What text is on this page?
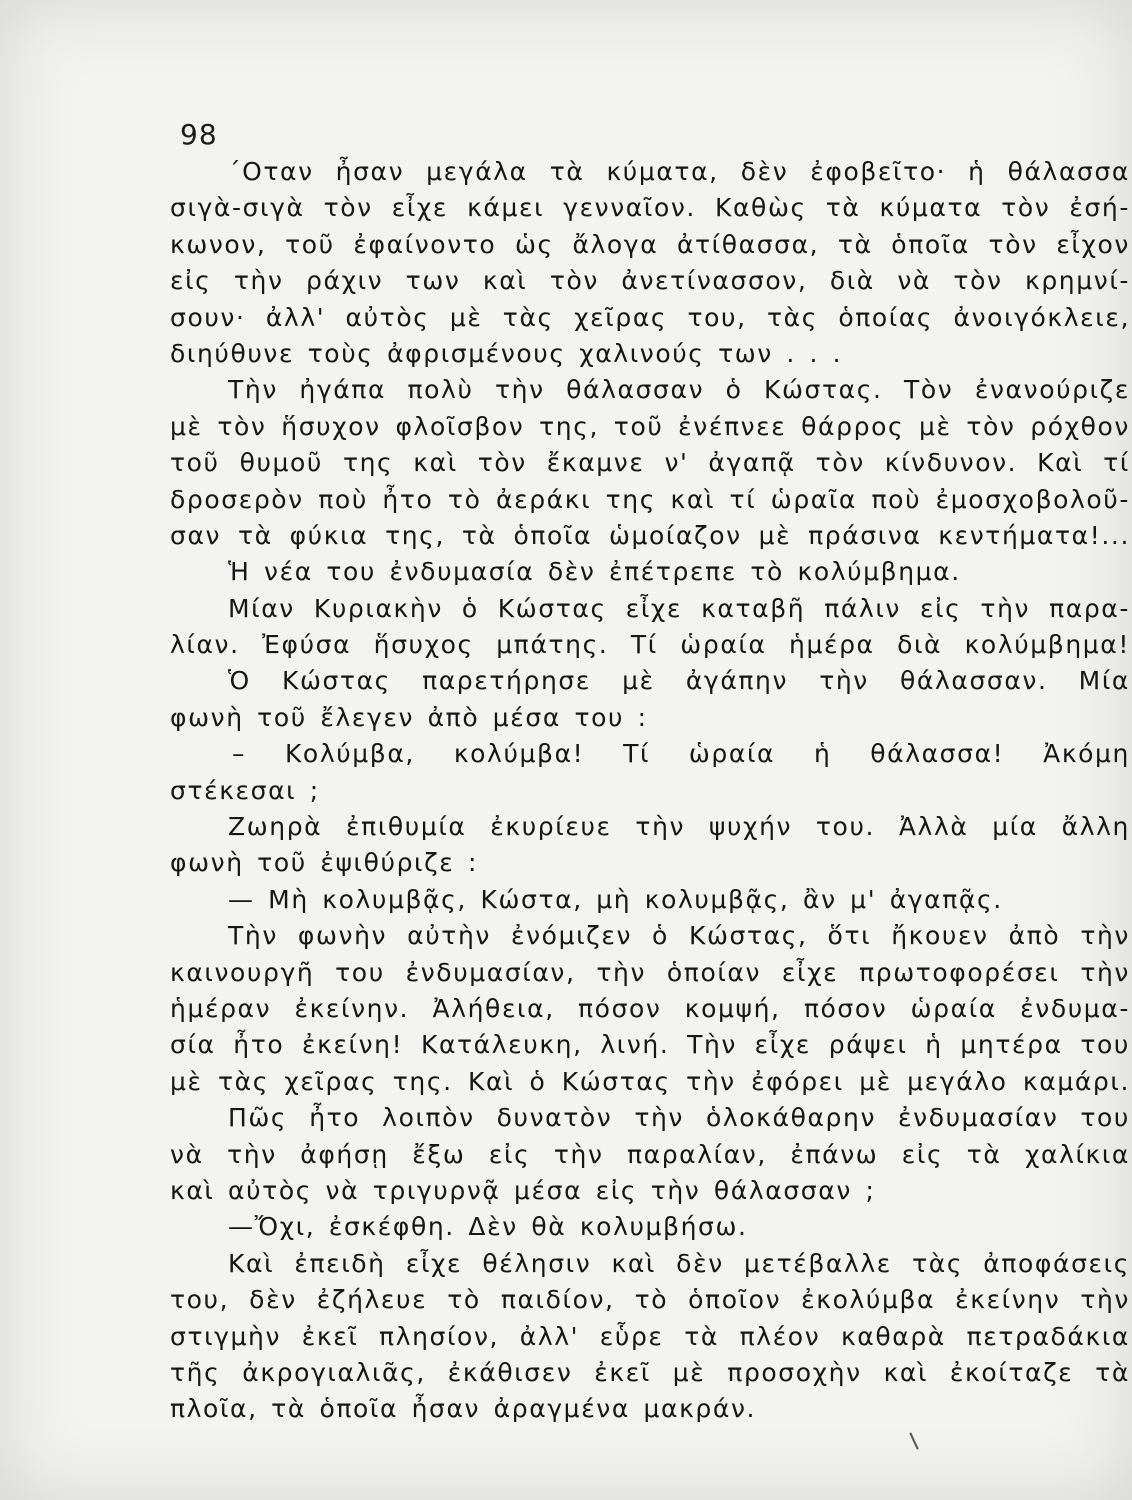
98
΄Οταν ἦσαν μεγάλα τὰ κύματα, δὲν ἐφοβεῖτο· ἡ θάλασσα
σιγὰ-σιγὰ τὸν εἶχε κάμει γενναῖον. Καθὼς τὰ κύματα τὸν ἐσή-
κωνον, τοῦ ἐφαίνοντο ὡς ἄλογα ἀτίθασσα, τὰ ὁποῖα τὸν εἶχον
εἰς τὴν ράχιν των καὶ τὸν ἀνετίνασσον, διὰ νὰ τὸν κρημνί-
σουν· ἀλλ' αὐτὸς μὲ τὰς χεῖρας του, τὰς ὁποίας ἀνοιγόκλειε,
διηύθυνε τοὺς ἀφρισμένους χαλινούς των . . .
Τὴν ἠγάπα πολὺ τὴν θάλασσαν ὁ Κώστας. Τὸν ἐνανούριζε
μὲ τὸν ἥσυχον φλοῖσβον της, τοῦ ἐνέπνεε θάρρος μὲ τὸν ρόχθον
τοῦ θυμοῦ της καὶ τὸν ἔκαμνε ν' ἀγαπᾷ τὸν κίνδυνον. Καὶ τί
δροσερὸν ποὺ ἦτο τὸ ἀεράκι της καὶ τί ὡραῖα ποὺ ἐμοσχοβολοῦ-
σαν τὰ φύκια της, τὰ ὁποῖα ὡμοίαζον μὲ πράσινα κεντήματα!...
Ἡ νέα του ἐνδυμασία δὲν ἐπέτρεπε τὸ κολύμβημα.
Μίαν Κυριακὴν ὁ Κώστας εἶχε καταβῆ πάλιν εἰς τὴν παρα-
λίαν. Ἐφύσα ἥσυχος μπάτης. Τί ὡραία ἡμέρα διὰ κολύμβημα!
Ὁ Κώστας παρετήρησε μὲ ἀγάπην τὴν θάλασσαν. Μία
φωνὴ τοῦ ἔλεγεν ἀπὸ μέσα του :
– Κολύμβα, κολύμβα! Τί ὡραία ἡ θάλασσα! Ἀκόμη
στέκεσαι ;
Ζωηρὰ ἐπιθυμία ἐκυρίευε τὴν ψυχήν του. Ἀλλὰ μία ἄλλη
φωνὴ τοῦ ἐψιθύριζε :
— Μὴ κολυμβᾷς, Κώστα, μὴ κολυμβᾷς, ἂν μ' ἀγαπᾷς.
Τὴν φωνὴν αὐτὴν ἐνόμιζεν ὁ Κώστας, ὅτι ἤκουεν ἀπὸ τὴν
καινουργῆ του ἐνδυμασίαν, τὴν ὁποίαν εἶχε πρωτοφορέσει τὴν
ἡμέραν ἐκείνην. Ἀλήθεια, πόσον κομψή, πόσον ὡραία ἐνδυμα-
σία ἦτο ἐκείνη! Κατάλευκη, λινή. Τὴν εἶχε ράψει ἡ μητέρα του
μὲ τὰς χεῖρας της. Καὶ ὁ Κώστας τὴν ἐφόρει μὲ μεγάλο καμάρι.
Πῶς ἦτο λοιπὸν δυνατὸν τὴν ὁλοκάθαρην ἐνδυμασίαν του
νὰ τὴν ἀφήσῃ ἔξω εἰς τὴν παραλίαν, ἐπάνω εἰς τὰ χαλίκια
καὶ αὐτὸς νὰ τριγυρνᾷ μέσα εἰς τὴν θάλασσαν ;
—Ὄχι, ἐσκέφθη. Δὲν θὰ κολυμβήσω.
Καὶ ἐπειδὴ εἶχε θέλησιν καὶ δὲν μετέβαλλε τὰς ἀποφάσεις
του, δὲν ἐζήλευε τὸ παιδίον, τὸ ὁποῖον ἐκολύμβα ἐκείνην τὴν
στιγμὴν ἐκεῖ πλησίον, ἀλλ' εὗρε τὰ πλέον καθαρὰ πετραδάκια
τῆς ἀκρογιαλιᾶς, ἐκάθισεν ἐκεῖ μὲ προσοχὴν καὶ ἐκοίταζε τὰ
πλοῖα, τὰ ὁποῖα ἦσαν ἀραγμένα μακράν.
